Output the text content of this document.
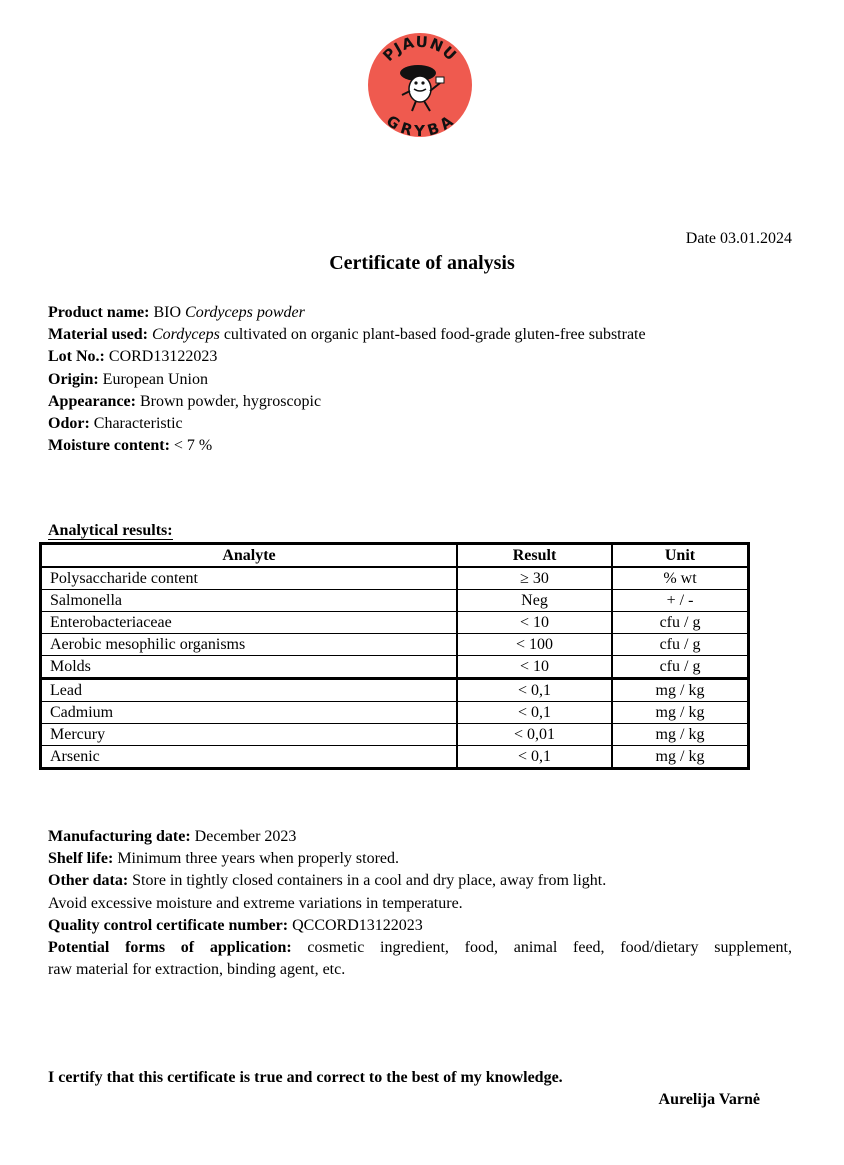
PJAUNU
GRYBA
Date 03.01.2024
Certificate of analysis
Product name: BIO Cordyceps powder
Material used: Cordyceps cultivated on organic plant-based food-grade gluten-free substrate
Lot No.: CORD13122023
Origin: European Union
Appearance: Brown powder, hygroscopic
Odor: Characteristic
Moisture content: < 7 %
Analytical results:
Analyte	Result	Unit
Polysaccharide content	≥ 30	% wt
Salmonella	Neg	+ / -
Enterobacteriaceae	< 10	cfu / g
Aerobic mesophilic organisms	< 100	cfu / g
Molds	< 10	cfu / g
Lead	< 0,1	mg / kg
Cadmium	< 0,1	mg / kg
Mercury	< 0,01	mg / kg
Arsenic	< 0,1	mg / kg
Manufacturing date: December 2023
Shelf life: Minimum three years when properly stored.
Other data: Store in tightly closed containers in a cool and dry place, away from light.
Avoid excessive moisture and extreme variations in temperature.
Quality control certificate number: QCCORD13122023
Potential forms of application: cosmetic ingredient, food, animal feed, food/dietary supplement,
raw material for extraction, binding agent, etc.
I certify that this certificate is true and correct to the best of my knowledge.
Aurelija Varnė
